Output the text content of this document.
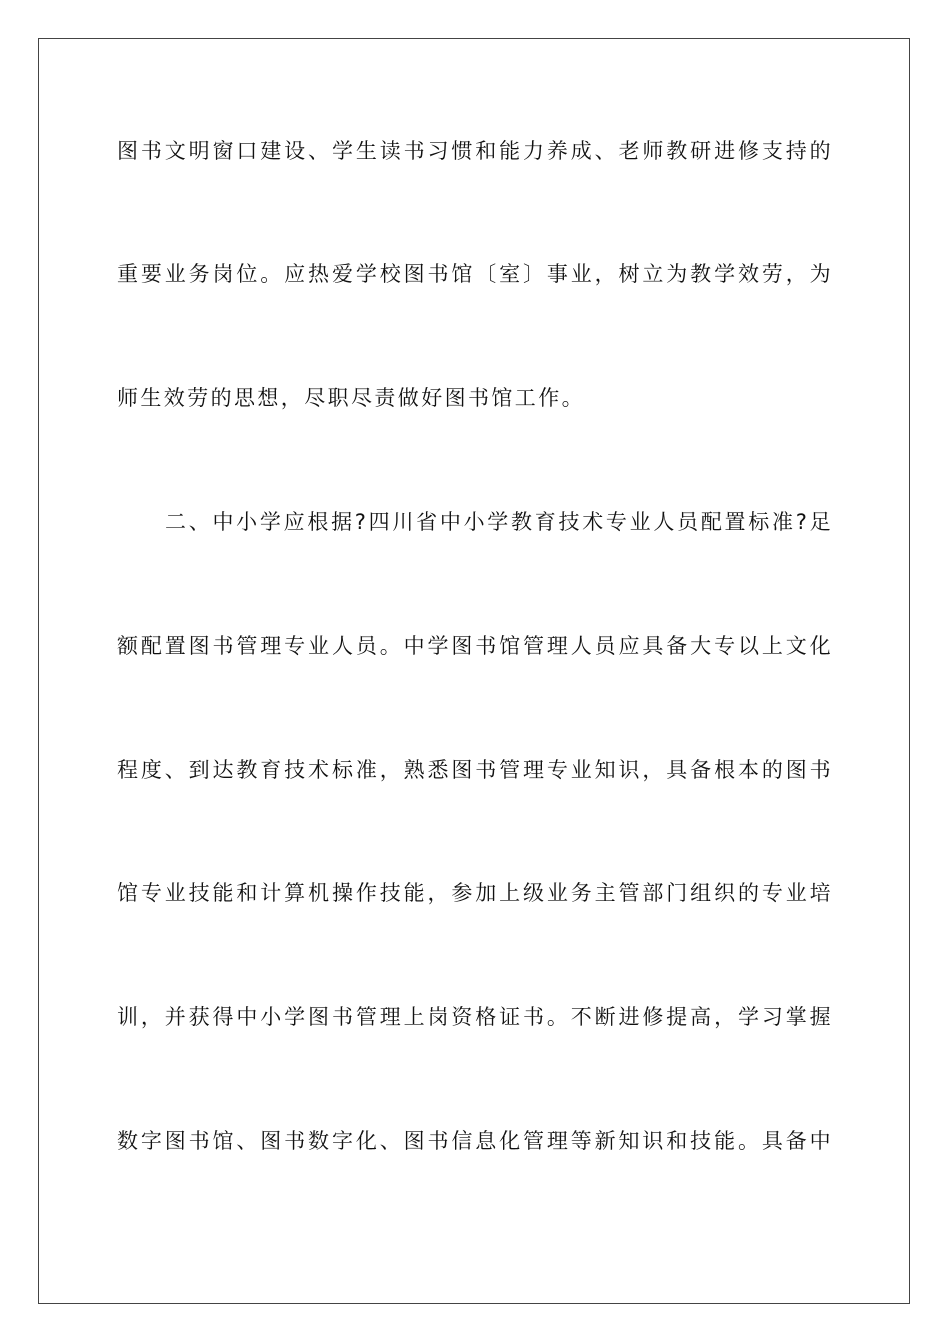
图书文明窗口建设、学生读书习惯和能力养成、老师教研进修支持的
重要业务岗位。应热爱学校图书馆〔室〕事业，树立为教学效劳，为
师生效劳的思想，尽职尽责做好图书馆工作。
二、中小学应根据?四川省中小学教育技术专业人员配置标准?足
额配置图书管理专业人员。中学图书馆管理人员应具备大专以上文化
程度、到达教育技术标准，熟悉图书管理专业知识，具备根本的图书
馆专业技能和计算机操作技能，参加上级业务主管部门组织的专业培
训，并获得中小学图书管理上岗资格证书。不断进修提高，学习掌握
数字图书馆、图书数字化、图书信息化管理等新知识和技能。具备中
